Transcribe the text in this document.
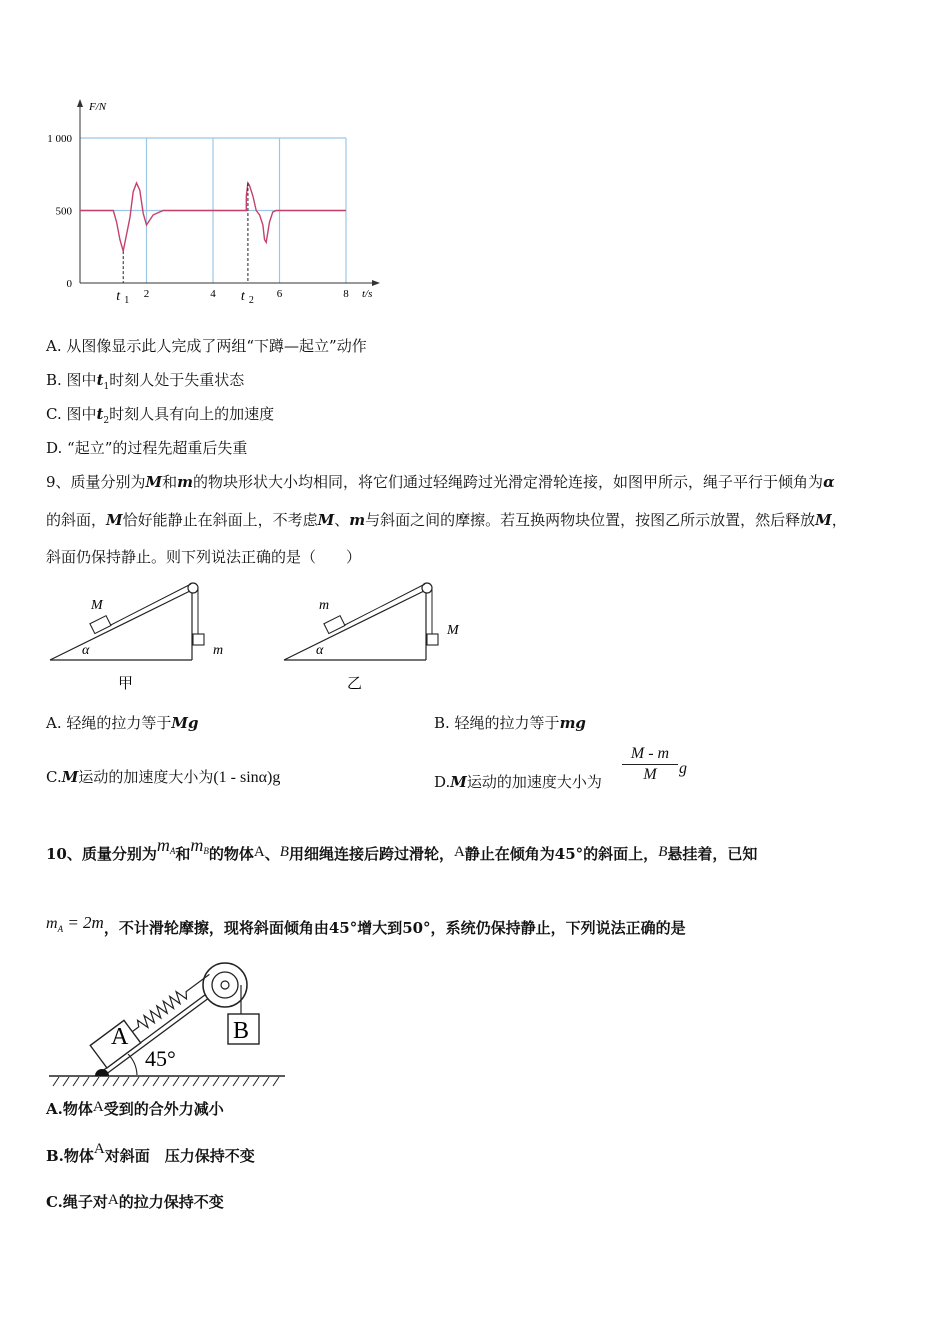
F/N
t/s
0
500
1 000
2	4	6	8
t 1	t 2
A. 从图像显示此人完成了两组“下蹲—起立”动作
B. 图中$t_1$时刻人处于失重状态
C. 图中$t_2$时刻人具有向上的加速度
D. “起立”的过程先超重后失重
9、质量分别为M和m的物块形状大小均相同，将它们通过轻绳跨过光滑定滑轮连接，如图甲所示，绳子平行于倾角为α
的斜面，M恰好能静止在斜面上，不考虑M、m与斜面之间的摩擦。若互换两物块位置，按图乙所示放置，然后释放M，
斜面仍保持静止。则下列说法正确的是（　　）
M
m
α
甲
m
M
α
乙
A. 轻绳的拉力等于Mg	B. 轻绳的拉力等于mg
C.M运动的加速度大小为(1 - sinα)g	D.M运动的加速度大小为
M - m
M	g
10、质量分别为$m_A$和$m_B$的物体A、B用细绳连接后跨过滑轮，A静止在倾角为45°的斜面上，B悬挂着，已知
$m_A = 2m$，不计滑轮摩擦，现将斜面倾角由45°增大到50°，系统仍保持静止，下列说法正确的是
B
A
45°
A.物体A受到的合外力减小
B.物体A对斜面　压力保持不变
C.绳子对A的拉力保持不变
